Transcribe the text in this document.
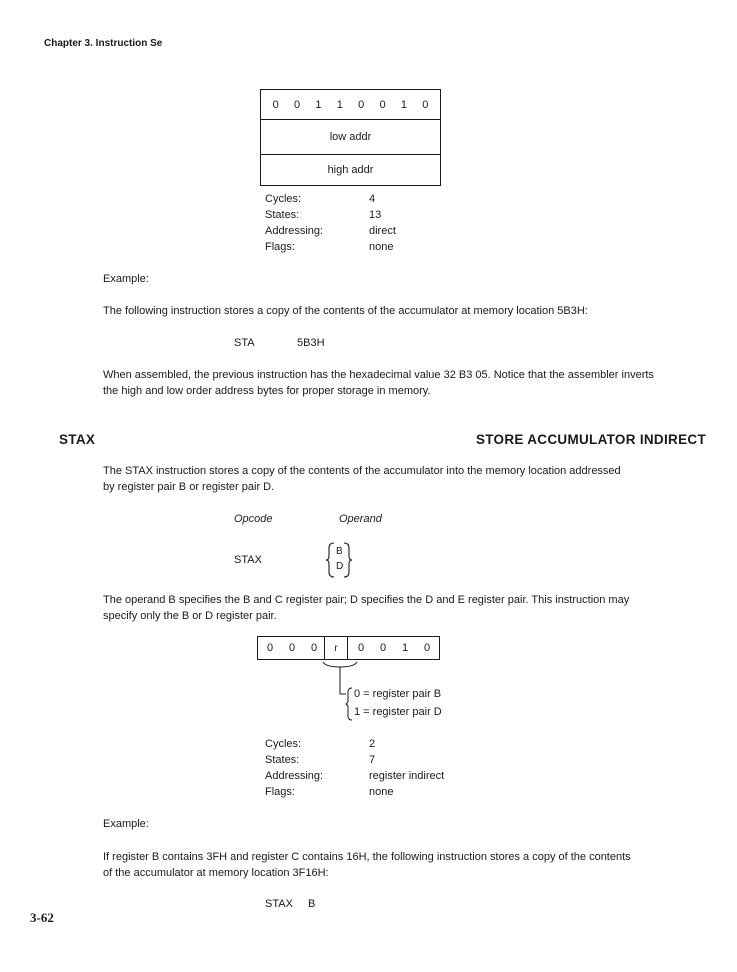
Chapter 3. Instruction Se
0 0 1 1 0 0 1 0
low addr
high addr
Cycles:	4
States:	13
Addressing:	direct
Flags:	none
Example:
The following instruction stores a copy of the contents of the accumulator at memory location 5B3H:
STA	5B3H
When assembled, the previous instruction has the hexadecimal value 32 B3 05. Notice that the assembler inverts
the high and low order address bytes for proper storage in memory.
STAX	STORE ACCUMULATOR INDIRECT
The STAX instruction stores a copy of the contents of the accumulator into the memory location addressed
by register pair B or register pair D.
Opcode	Operand
STAX
B
D
The operand B specifies the B and C register pair; D specifies the D and E register pair. This instruction may
specify only the B or D register pair.
0	0	0	r	0	0	1	0
0 = register pair B
1 = register pair D
Cycles:	2
States:	7
Addressing:	register indirect
Flags:	none
Example:
If register B contains 3FH and register C contains 16H, the following instruction stores a copy of the contents
of the accumulator at memory location 3F16H:
STAX B
3-62
